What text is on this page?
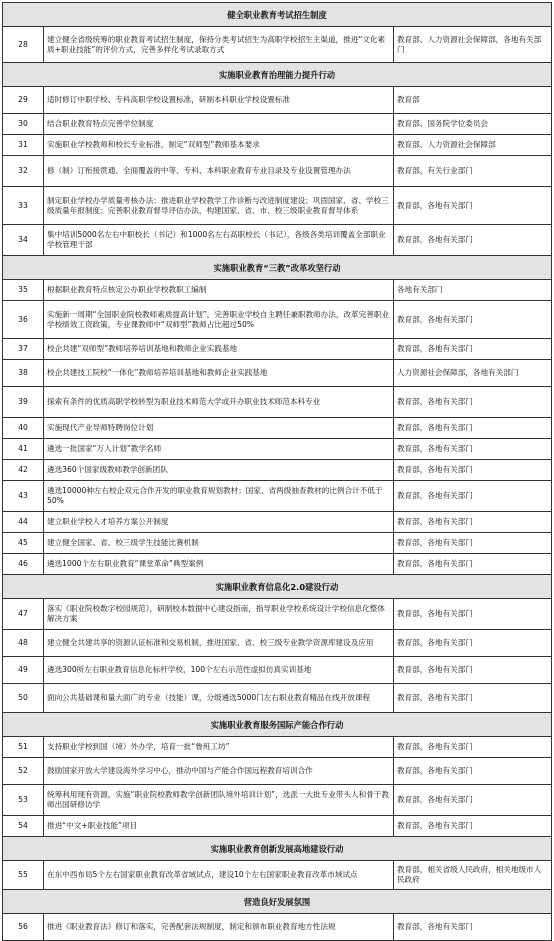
健全职业教育考试招生制度		
28	建立健全省级统筹的职业教育考试招生制度，保持分类考试招生为高职学校招生主渠道，推进“文化素质+职业技能”的评价方式，完善多样化考试录取方式	教育部、人力资源社会保障部，各地有关部门
实施职业教育治理能力提升行动		
29	适时修订中职学校、专科高职学校设置标准，研制本科职业学校设置标准	教育部
30	结合职业教育特点完善学位制度	教育部、国务院学位委员会
31	实施职业学校教师和校长专业标准，制定“双师型”教师基本要求	教育部、人力资源社会保障部
32	修（制）订衔接贯通、全面覆盖的中等、专科、本科职业教育专业目录及专业设置管理办法	教育部，有关行业部门
33	制定职业学校办学质量考核办法；推进职业学校教学工作诊断与改进制度建设；巩固国家、省、学校三级质量年报制度；完善职业教育督导评估办法，构建国家、省、市、校三级职业教育督导体系	教育部，各地有关部门
34	集中培训5000名左右中职校长（书记）和1000名左右高职校长（书记），各级各类培训覆盖全部职业学校管理干部	教育部，各地有关部门
实施职业教育“三教”改革攻坚行动		
35	根据职业教育特点核定公办职业学校教职工编制	各地有关部门
36	实施新一周期“全国职业院校教师素质提高计划”，完善职业学校自主聘任兼职教师办法，改革完善职业学校绩效工资政策，专业课教师中“双师型”教师占比超过50%	教育部，各地有关部门
37	校企共建“双师型”教师培养培训基地和教师企业实践基地	教育部，各地有关部门
38	校企共建技工院校“一体化”教师培养培训基地和教师企业实践基地	人力资源社会保障部，各地有关部门
39	探索有条件的优质高职学校转型为职业技术师范大学或开办职业技术师范本科专业	教育部，各地有关部门
40	实施现代产业导师特聘岗位计划	教育部，各地有关部门
41	遴选一批国家“万人计划”教学名师	教育部，各地有关部门
42	遴选360个国家级教师教学创新团队	教育部，各地有关部门
43	遴选10000种左右校企双元合作开发的职业教育规划教材；国家、省两级抽查教材的比例合计不低于50%	教育部，各地有关部门
44	建立职业学校人才培养方案公开制度	教育部，各地有关部门
45	建立健全国家、省、校三级学生技能比赛机制	教育部，各地有关部门
46	遴选1000个左右职业教育“课堂革命”典型案例	教育部，各地有关部门
实施职业教育信息化2.0建设行动		
47	落实《职业院校数字校园规范》，研制校本数据中心建设指南，指导职业学校系统设计学校信息化整体解决方案	教育部，各地有关部门
48	建立健全共建共享的资源认证标准和交易机制，推进国家、省、校三级专业教学资源库建设及应用	教育部，各地有关部门
49	遴选300所左右职业教育信息化标杆学校，100个左右示范性虚拟仿真实训基地	教育部，各地有关部门
50	面向公共基础课和量大面广的专业（技能）课，分级遴选5000门左右职业教育精品在线开放课程	教育部，各地有关部门
实施职业教育服务国际产能合作行动		
51	支持职业学校到国（境）外办学，培育一批“鲁班工坊”	教育部，各地有关部门
52	鼓励国家开放大学建设海外学习中心，推动中国与产能合作国远程教育培训合作	教育部，各地有关部门
53	统筹利用现有资源，实施“职业院校教师教学创新团队境外培训计划”，选派一大批专业带头人和骨干教师出国研修访学	教育部，各地有关部门
54	推进“中文+职业技能”项目	教育部，各地有关部门
实施职业教育创新发展高地建设行动		
55	在东中西布局5个左右国家职业教育改革省域试点，建设10个左右国家职业教育改革市域试点	教育部，相关省级人民政府，相关地级市人民政府
营造良好发展氛围		
56	推进《职业教育法》修订和落实，完善配套法规制度，制定和颁布职业教育地方性法规	教育部，各地有关部门
